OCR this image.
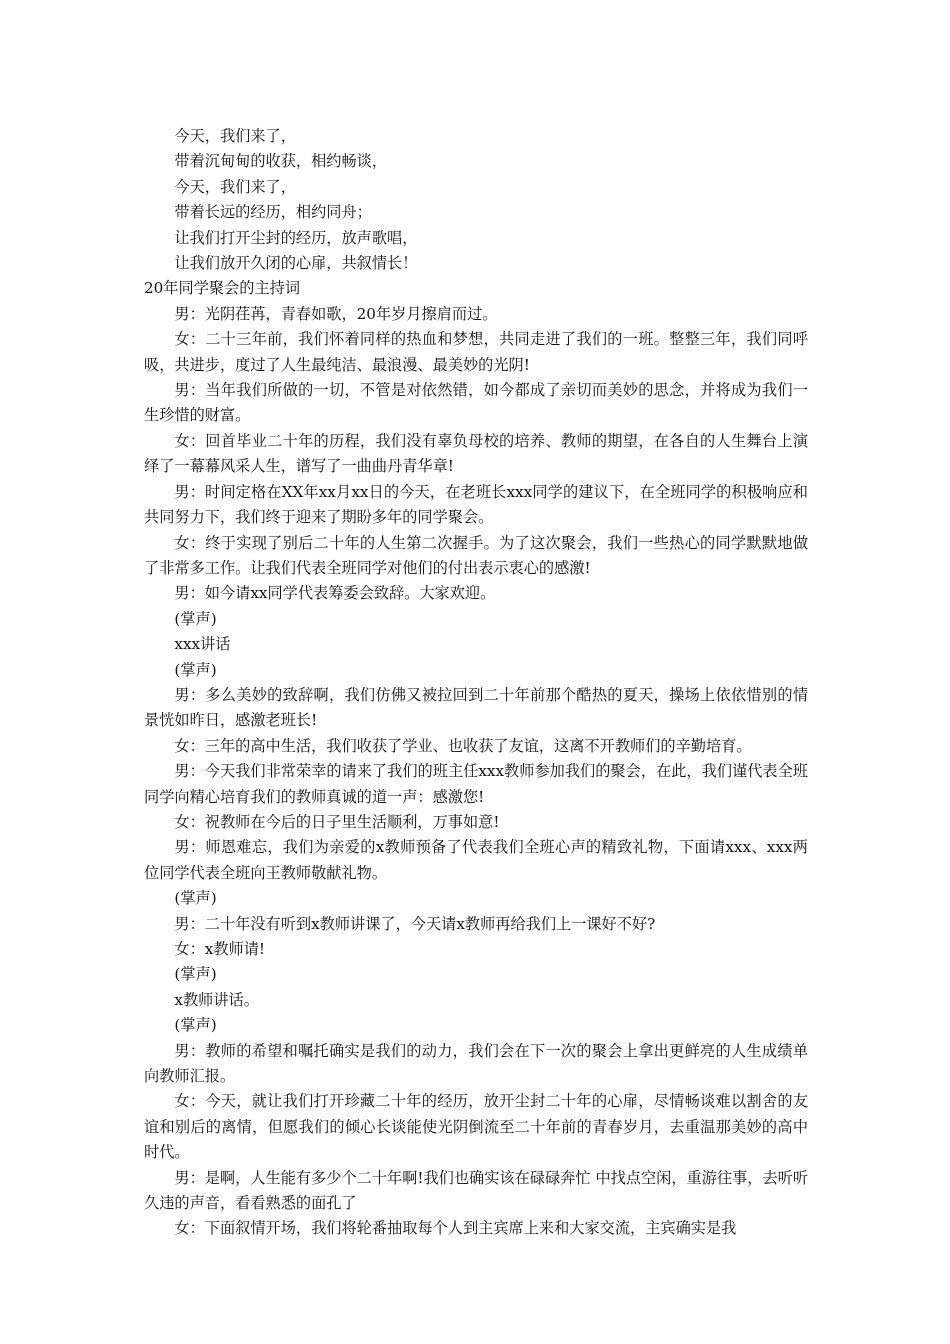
今天，我们来了，

带着沉甸甸的收获，相约畅谈，

今天，我们来了，

带着长远的经历，相约同舟；

让我们打开尘封的经历，放声歌唱，

让我们放开久闭的心扉，共叙情长！

20年同学聚会的主持词

男：光阴荏苒，青春如歌，20年岁月擦肩而过。

女：二十三年前，我们怀着同样的热血和梦想，共同走进了我们的一班。整整三年，我们同呼吸，共进步，度过了人生最纯洁、最浪漫、最美妙的光阴!

男：当年我们所做的一切，不管是对依然错，如今都成了亲切而美妙的思念，并将成为我们一生珍惜的财富。

女：回首毕业二十年的历程，我们没有辜负母校的培养、教师的期望，在各自的人生舞台上演绎了一幕幕风采人生，谱写了一曲曲丹青华章!

男：时间定格在XX年xx月xx日的今天，在老班长xxx同学的建议下，在全班同学的积极响应和共同努力下，我们终于迎来了期盼多年的同学聚会。

女：终于实现了别后二十年的人生第二次握手。为了这次聚会，我们一些热心的同学默默地做了非常多工作。让我们代表全班同学对他们的付出表示衷心的感激!

男：如今请xx同学代表筹委会致辞。大家欢迎。

(掌声)

xxx讲话

(掌声)

男：多么美妙的致辞啊，我们仿佛又被拉回到二十年前那个酷热的夏天，操场上依依惜别的情景恍如昨日，感激老班长!

女：三年的高中生活，我们收获了学业、也收获了友谊，这离不开教师们的辛勤培育。

男：今天我们非常荣幸的请来了我们的班主任xxx教师参加我们的聚会，在此，我们谨代表全班同学向精心培育我们的教师真诚的道一声：感激您!

女：祝教师在今后的日子里生活顺利，万事如意!

男：师恩难忘，我们为亲爱的x教师预备了代表我们全班心声的精致礼物，下面请xxx、xxx两位同学代表全班向王教师敬献礼物。

(掌声)

男：二十年没有听到x教师讲课了，今天请x教师再给我们上一课好不好?

女：x教师请!

(掌声)

x教师讲话。

(掌声)

男：教师的希望和嘱托确实是我们的动力，我们会在下一次的聚会上拿出更鲜亮的人生成绩单向教师汇报。

女：今天，就让我们打开珍藏二十年的经历，放开尘封二十年的心扉，尽情畅谈难以割舍的友谊和别后的离情，但愿我们的倾心长谈能使光阴倒流至二十年前的青春岁月，去重温那美妙的高中时代。

男：是啊，人生能有多少个二十年啊!我们也确实该在碌碌奔忙 中找点空闲，重游往事，去听听久违的声音，看看熟悉的面孔了

女：下面叙情开场，我们将轮番抽取每个人到主宾席上来和大家交流，主宾确实是我
